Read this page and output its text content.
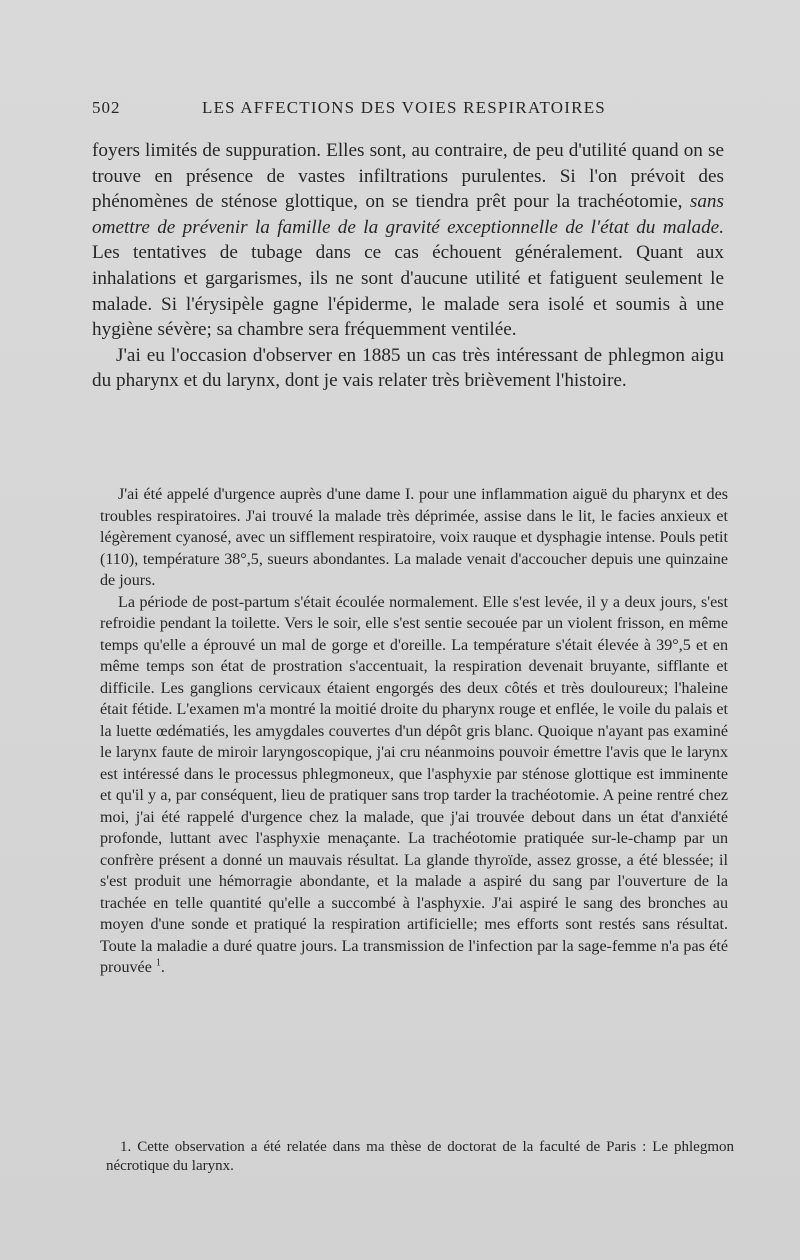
502	LES AFFECTIONS DES VOIES RESPIRATOIRES

foyers limités de suppuration. Elles sont, au contraire, de peu d'utilité quand on se trouve en présence de vastes infiltrations purulentes. Si l'on prévoit des phénomènes de sténose glottique, on se tiendra prêt pour la trachéotomie, sans omettre de prévenir la famille de la gravité exceptionnelle de l'état du malade. Les tentatives de tubage dans ce cas échouent généralement. Quant aux inhalations et gargarismes, ils ne sont d'aucune utilité et fatiguent seulement le malade. Si l'érysipèle gagne l'épiderme, le malade sera isolé et soumis à une hygiène sévère; sa chambre sera fréquemment ventilée.

J'ai eu l'occasion d'observer en 1885 un cas très intéressant de phlegmon aigu du pharynx et du larynx, dont je vais relater très brièvement l'histoire.

J'ai été appelé d'urgence auprès d'une dame I. pour une inflammation aiguë du pharynx et des troubles respiratoires. J'ai trouvé la malade très déprimée, assise dans le lit, le facies anxieux et légèrement cyanosé, avec un sifflement respiratoire, voix rauque et dysphagie intense. Pouls petit (110), température 38°,5, sueurs abondantes. La malade venait d'accoucher depuis une quinzaine de jours.

La période de post-partum s'était écoulée normalement. Elle s'est levée, il y a deux jours, s'est refroidie pendant la toilette. Vers le soir, elle s'est sentie secouée par un violent frisson, en même temps qu'elle a éprouvé un mal de gorge et d'oreille. La température s'était élevée à 39°,5 et en même temps son état de prostration s'accentuait, la respiration devenait bruyante, sifflante et difficile. Les ganglions cervicaux étaient engorgés des deux côtés et très douloureux; l'haleine était fétide. L'examen m'a montré la moitié droite du pharynx rouge et enflée, le voile du palais et la luette œdématiés, les amygdales couvertes d'un dépôt gris blanc. Quoique n'ayant pas examiné le larynx faute de miroir laryngoscopique, j'ai cru néanmoins pouvoir émettre l'avis que le larynx est intéressé dans le processus phlegmoneux, que l'asphyxie par sténose glottique est imminente et qu'il y a, par conséquent, lieu de pratiquer sans trop tarder la trachéotomie. A peine rentré chez moi, j'ai été rappelé d'urgence chez la malade, que j'ai trouvée debout dans un état d'anxiété profonde, luttant avec l'asphyxie menaçante. La trachéotomie pratiquée sur-le-champ par un confrère présent a donné un mauvais résultat. La glande thyroïde, assez grosse, a été blessée; il s'est produit une hémorragie abondante, et la malade a aspiré du sang par l'ouverture de la trachée en telle quantité qu'elle a succombé à l'asphyxie. J'ai aspiré le sang des bronches au moyen d'une sonde et pratiqué la respiration artificielle; mes efforts sont restés sans résultat. Toute la maladie a duré quatre jours. La transmission de l'infection par la sage-femme n'a pas été prouvée $^1$.

1. Cette observation a été relatée dans ma thèse de doctorat de la faculté de Paris : Le phlegmon nécrotique du larynx.
